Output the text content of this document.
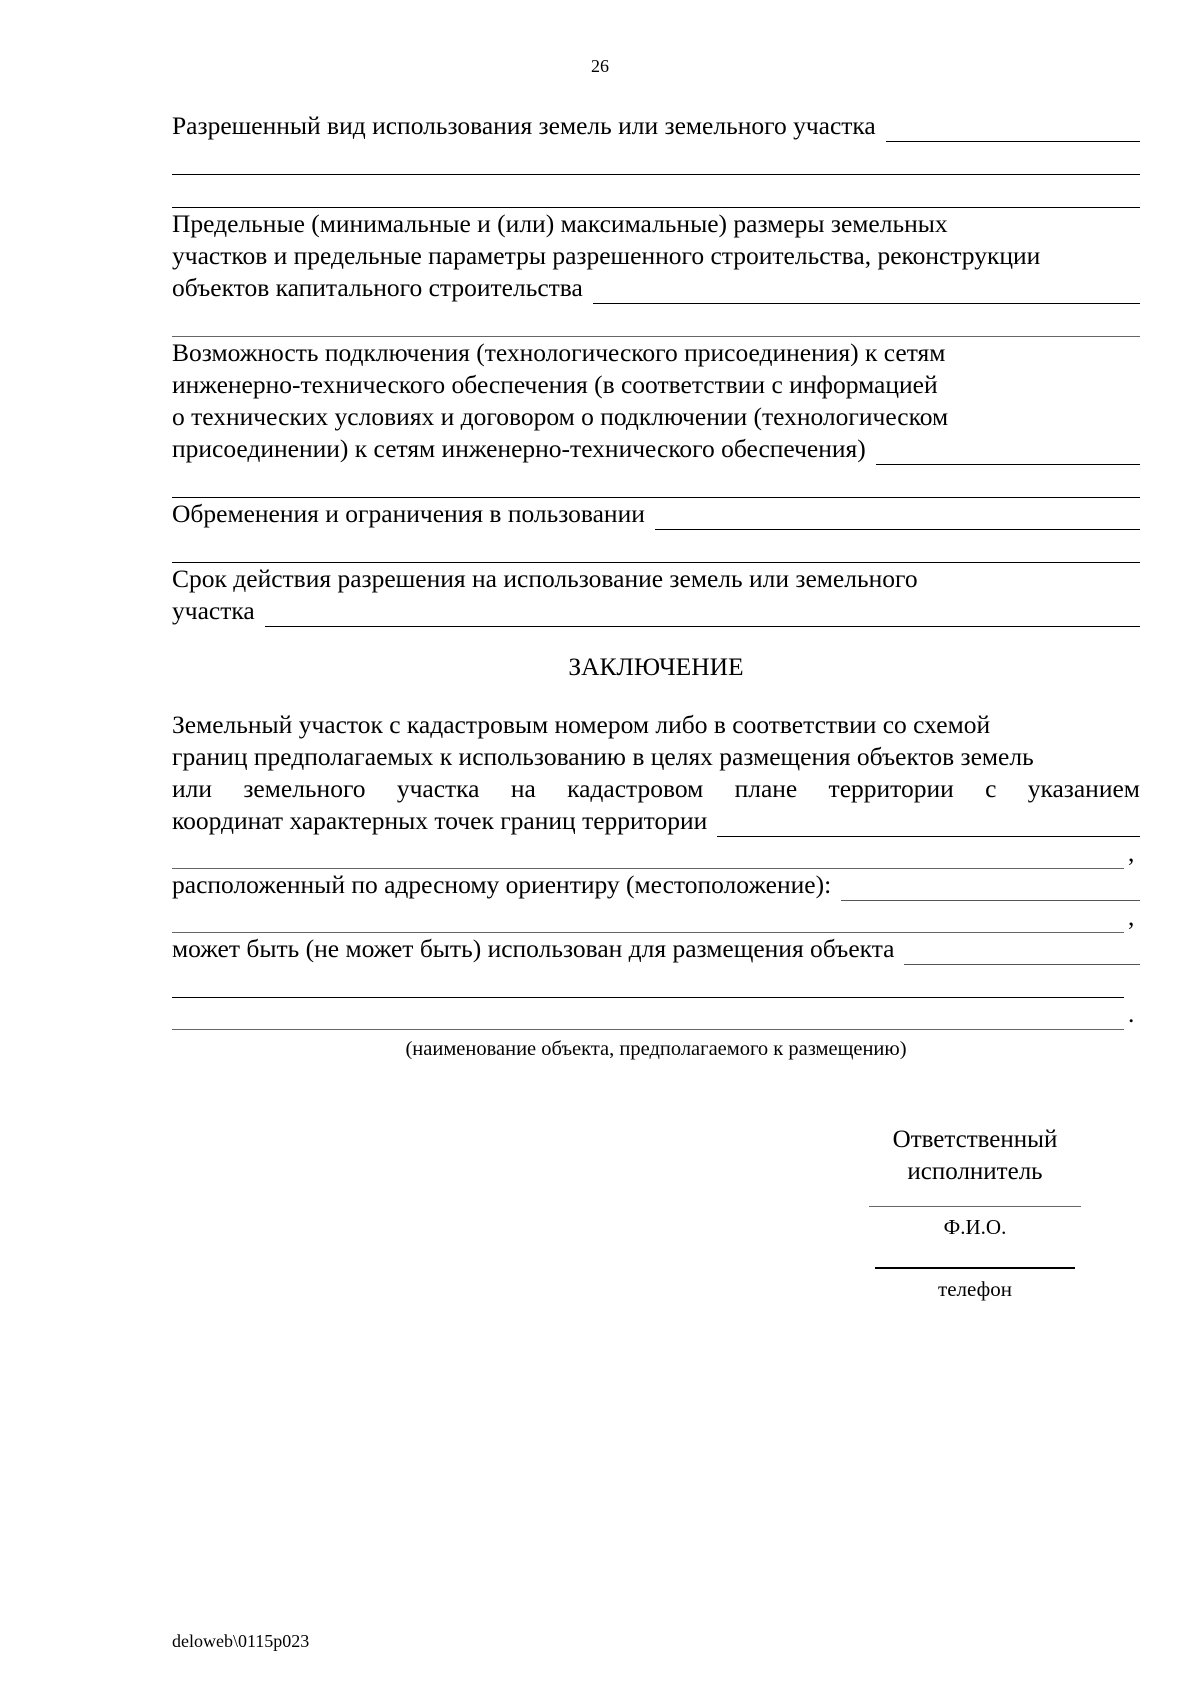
26
Разрешенный вид использования земель или земельного участка
Предельные (минимальные и (или) максимальные) размеры земельных
участков и предельные параметры разрешенного строительства, реконструкции
объектов капитального строительства
Возможность подключения (технологического присоединения) к сетям
инженерно-технического обеспечения (в соответствии с информацией
о технических условиях и договором о подключении (технологическом
присоединении) к сетям инженерно-технического обеспечения)
Обременения и ограничения в пользовании
Срок действия разрешения на использование земель или земельного
участка
ЗАКЛЮЧЕНИЕ
Земельный участок с кадастровым номером либо в соответствии со схемой
границ предполагаемых к использованию в целях размещения объектов земель
или земельного участка на кадастровом плане территории с указанием
координат характерных точек границ территории
,
расположенный по адресному ориентиру (местоположение):
,
может быть (не может быть) использован для размещения объекта
.
(наименование объекта, предполагаемого к размещению)
Ответственный
исполнитель
Ф.И.О.
телефон
deloweb\0115p023
